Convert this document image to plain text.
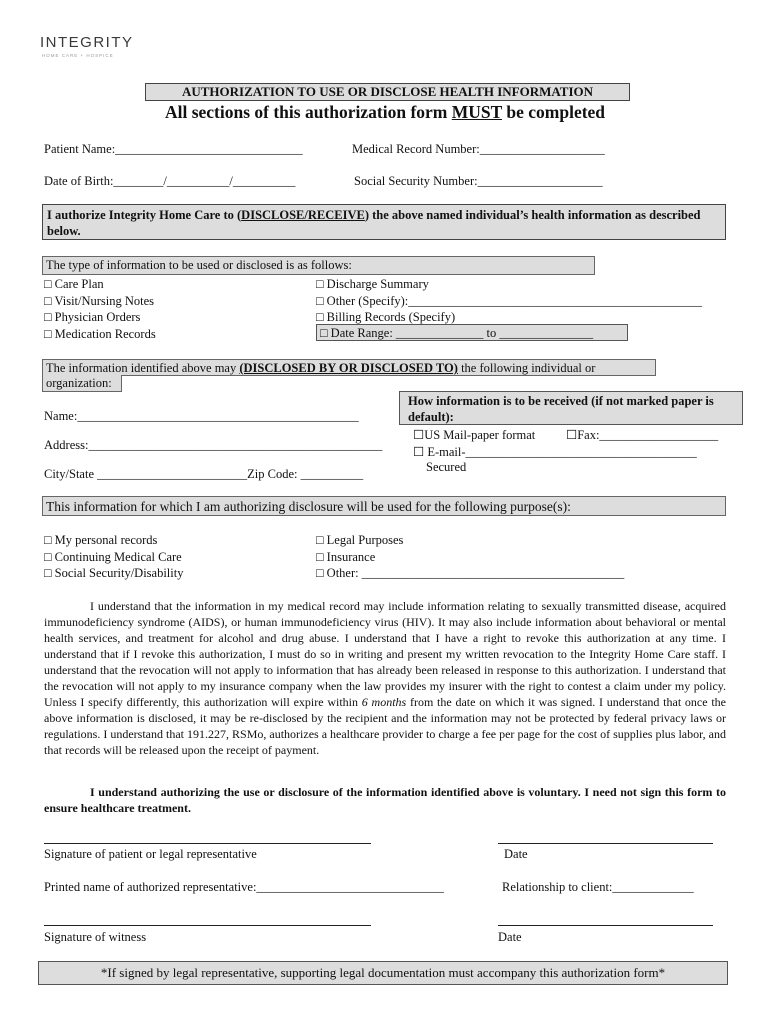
INTEGRITY
HOME CARE + HOSPICE
AUTHORIZATION TO USE OR DISCLOSE HEALTH INFORMATION
All sections of this authorization form MUST be completed
Patient Name:______________________________	Medical Record Number:____________________
Date of Birth:________/__________/__________	Social Security Number:____________________
I authorize Integrity Home Care to (DISCLOSE/RECEIVE) the above named individual’s health information as described below.
The type of information to be used or disclosed is as follows:
□ Care Plan
□ Visit/Nursing Notes
□ Physician Orders
□ Medication Records
□ Discharge Summary
□ Other (Specify):_______________________________________________
□ Billing Records (Specify)
□ Date Range: ______________ to _______________
The information identified above may (DISCLOSED BY OR DISCLOSED TO) the following individual or
organization:
Name:_____________________________________________
Address:_______________________________________________
City/State ________________________Zip Code: __________
How information is to be received (if not marked paper is default):
☐US Mail-paper format ☐Fax:___________________
☐ E-mail-_____________________________________
Secured
This information for which I am authorizing disclosure will be used for the following purpose(s):
□ My personal records
□ Continuing Medical Care
□ Social Security/Disability
□ Legal Purposes
□ Insurance
□ Other: __________________________________________
I understand that the information in my medical record may include information relating to sexually transmitted disease, acquired immunodeficiency syndrome (AIDS), or human immunodeficiency virus (HIV). It may also include information about behavioral or mental health services, and treatment for alcohol and drug abuse. I understand that I have a right to revoke this authorization at any time. I understand that if I revoke this authorization, I must do so in writing and present my written revocation to the Integrity Home Care staff. I understand that the revocation will not apply to information that has already been released in response to this authorization. I understand that the revocation will not apply to my insurance company when the law provides my insurer with the right to contest a claim under my policy. Unless I specify differently, this authorization will expire within 6 months from the date on which it was signed. I understand that once the above information is disclosed, it may be re-disclosed by the recipient and the information may not be protected by federal privacy laws or regulations. I understand that 191.227, RSMo, authorizes a healthcare provider to charge a fee per page for the cost of supplies plus labor, and that records will be released upon the receipt of payment.
I understand authorizing the use or disclosure of the information identified above is voluntary. I need not sign this form to ensure healthcare treatment.
Signature of patient or legal representative	Date
Printed name of authorized representative:______________________________	Relationship to client:_____________
Signature of witness	Date
*If signed by legal representative, supporting legal documentation must accompany this authorization form*
